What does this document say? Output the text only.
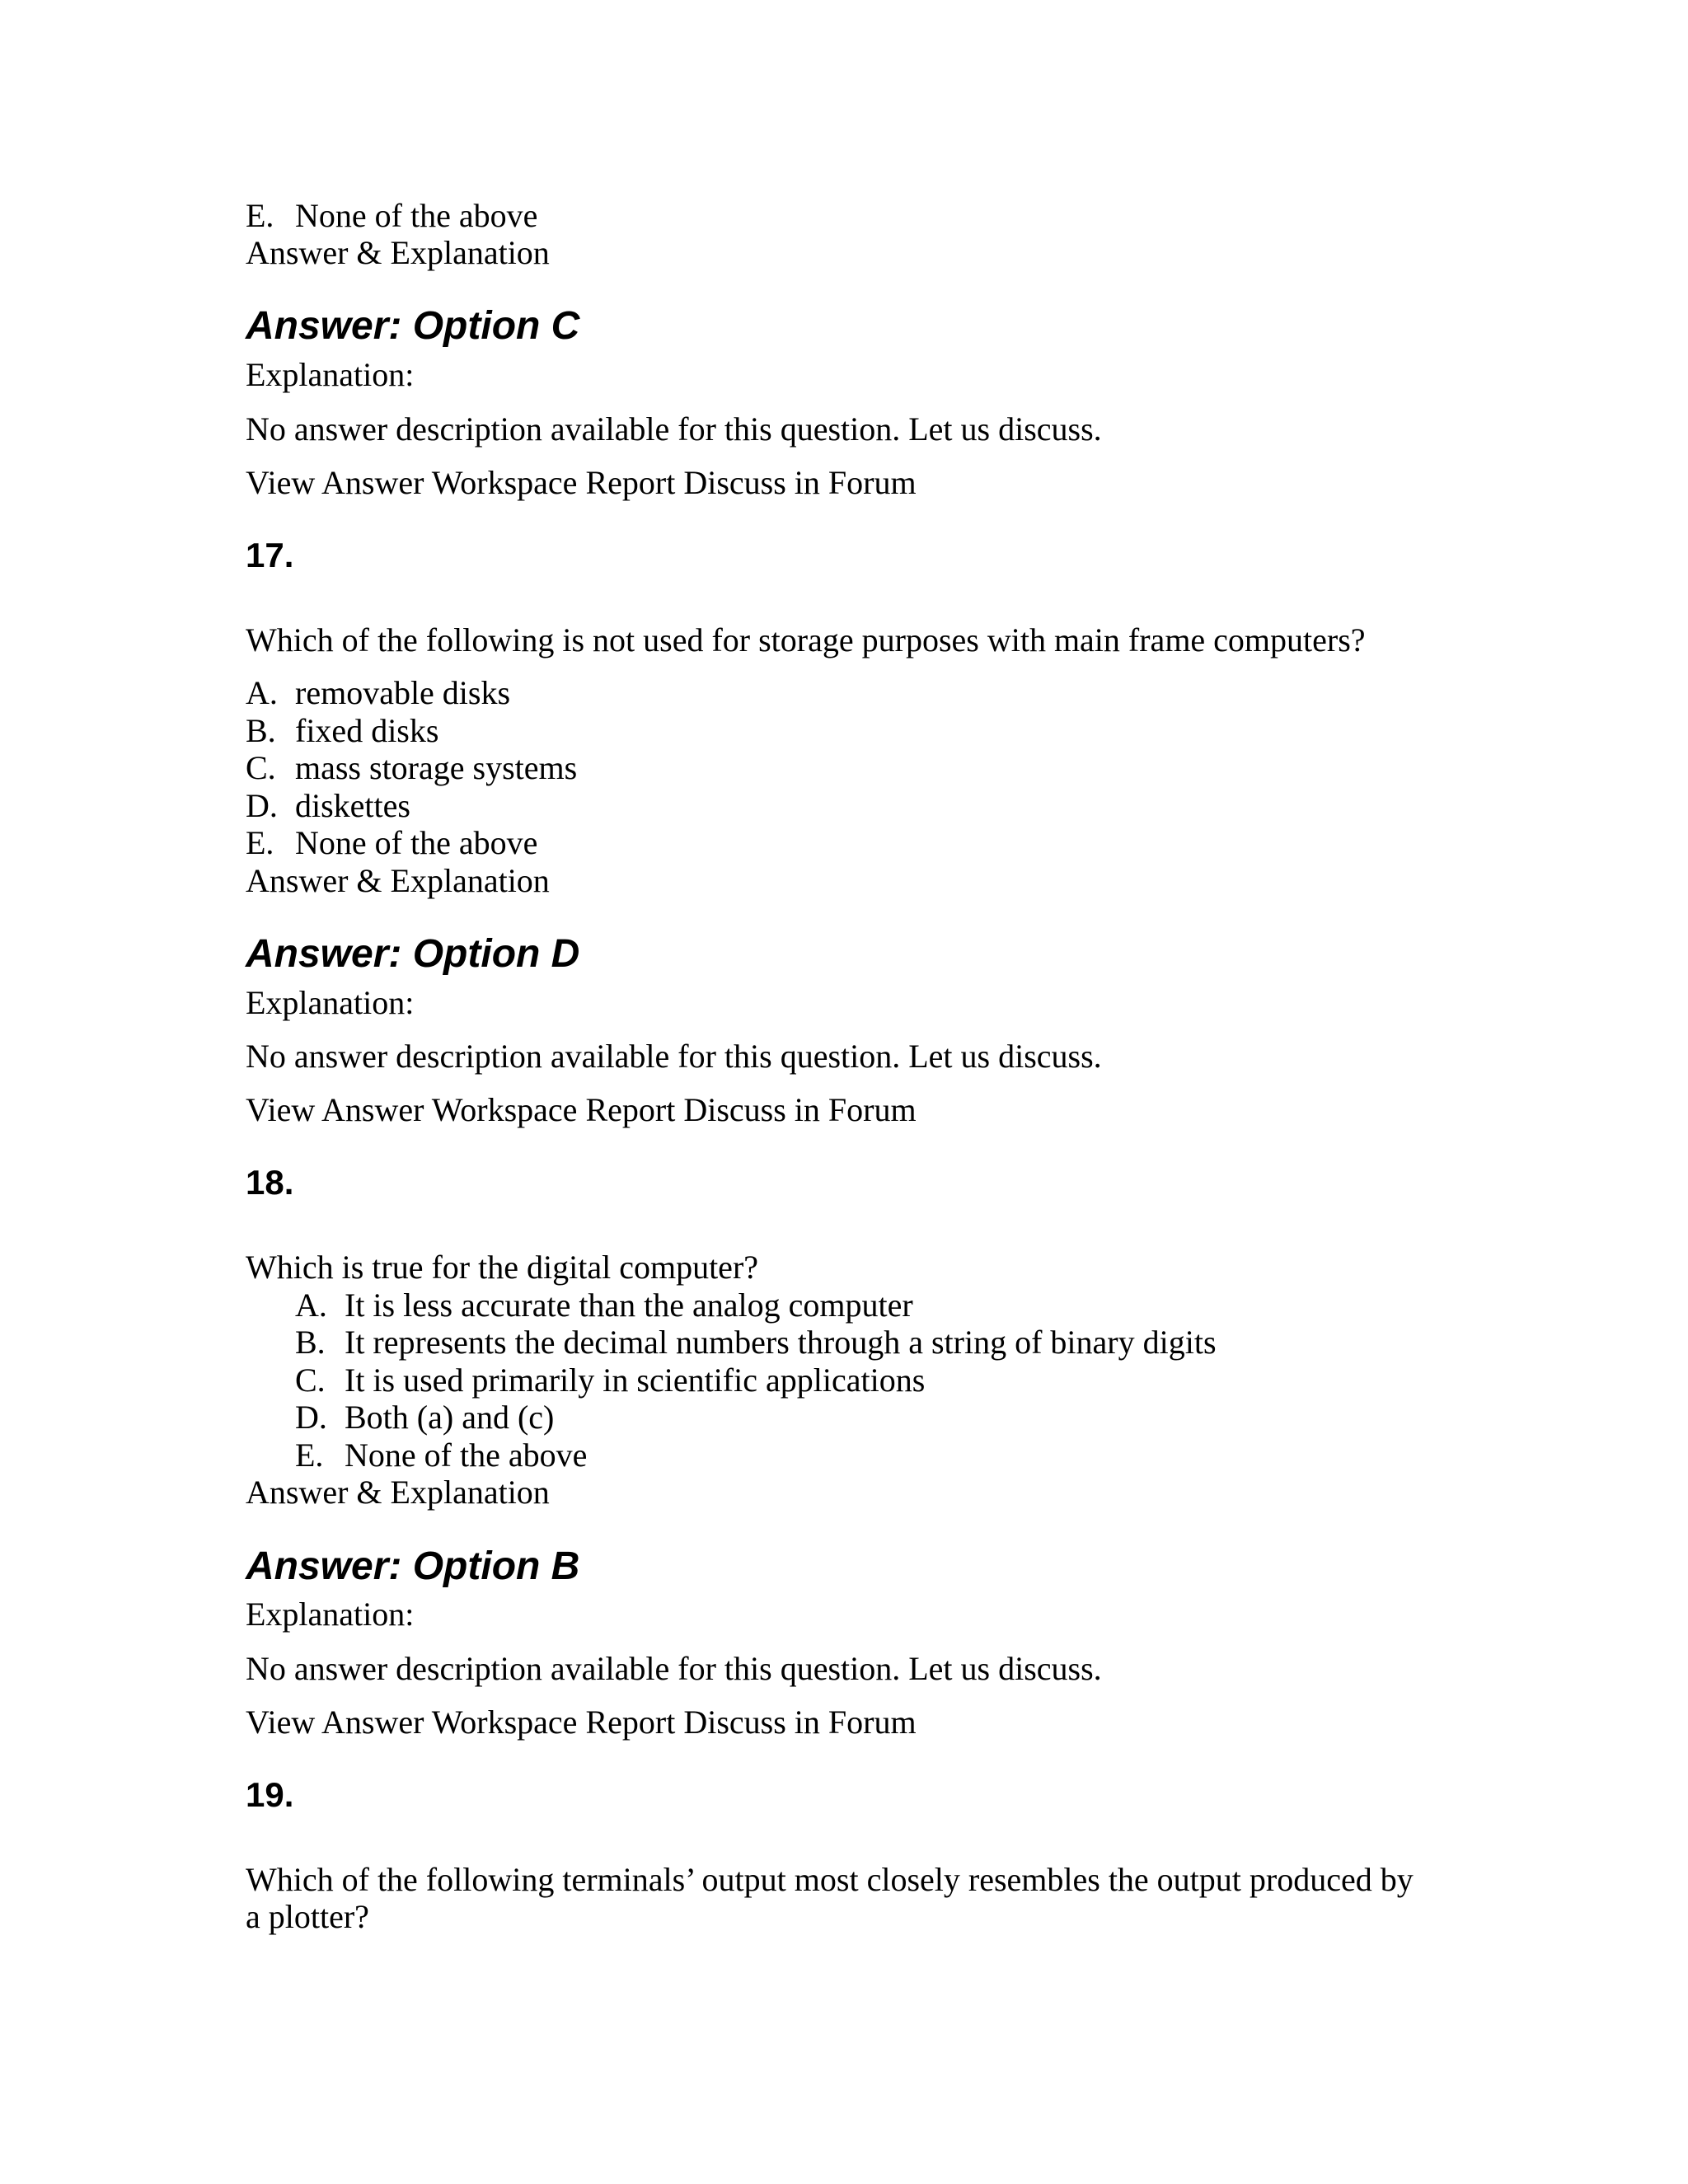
E. None of the above
Answer & Explanation
Answer: Option C
Explanation:
No answer description available for this question. Let us discuss.
View Answer Workspace Report Discuss in Forum
17.
Which of the following is not used for storage purposes with main frame computers?
A. removable disks
B. fixed disks
C. mass storage systems
D. diskettes
E. None of the above
Answer & Explanation
Answer: Option D
Explanation:
No answer description available for this question. Let us discuss.
View Answer Workspace Report Discuss in Forum
18.
Which is true for the digital computer?
A. It is less accurate than the analog computer
B. It represents the decimal numbers through a string of binary digits
C. It is used primarily in scientific applications
D. Both (a) and (c)
E. None of the above
Answer & Explanation
Answer: Option B
Explanation:
No answer description available for this question. Let us discuss.
View Answer Workspace Report Discuss in Forum
19.
Which of the following terminals’ output most closely resembles the output produced by
a plotter?
